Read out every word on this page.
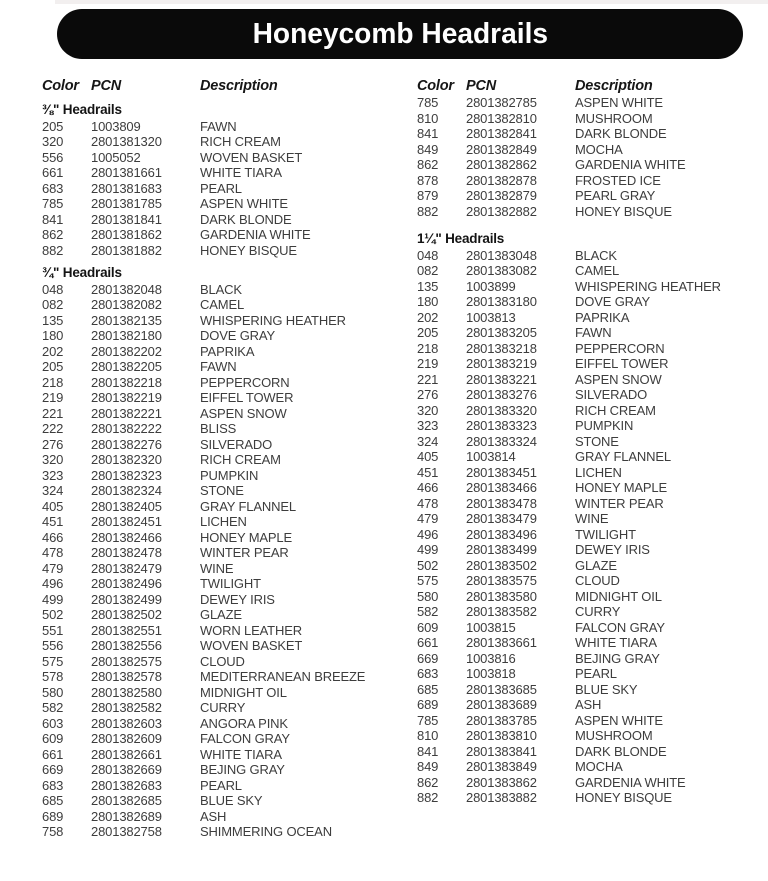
Honeycomb Headrails
Color PCN	Description	Color PCN	Description
⅜" Headrails
205	1003809	FAWN
320	2801381320	RICH CREAM
556	1005052	WOVEN BASKET
661	2801381661	WHITE TIARA
683	2801381683	PEARL
785	2801381785	ASPEN WHITE
841	2801381841	DARK BLONDE
862	2801381862	GARDENIA WHITE
882	2801381882	HONEY BISQUE
¾" Headrails
048	2801382048	BLACK
082	2801382082	CAMEL
135	2801382135	WHISPERING HEATHER
180	2801382180	DOVE GRAY
202	2801382202	PAPRIKA
205	2801382205	FAWN
218	2801382218	PEPPERCORN
219	2801382219	EIFFEL TOWER
221	2801382221	ASPEN SNOW
222	2801382222	BLISS
276	2801382276	SILVERADO
320	2801382320	RICH CREAM
323	2801382323	PUMPKIN
324	2801382324	STONE
405	2801382405	GRAY FLANNEL
451	2801382451	LICHEN
466	2801382466	HONEY MAPLE
478	2801382478	WINTER PEAR
479	2801382479	WINE
496	2801382496	TWILIGHT
499	2801382499	DEWEY IRIS
502	2801382502	GLAZE
551	2801382551	WORN LEATHER
556	2801382556	WOVEN BASKET
575	2801382575	CLOUD
578	2801382578	MEDITERRANEAN BREEZE
580	2801382580	MIDNIGHT OIL
582	2801382582	CURRY
603	2801382603	ANGORA PINK
609	2801382609	FALCON GRAY
661	2801382661	WHITE TIARA
669	2801382669	BEJING GRAY
683	2801382683	PEARL
685	2801382685	BLUE SKY
689	2801382689	ASH
758	2801382758	SHIMMERING OCEAN
785	2801382785	ASPEN WHITE
810	2801382810	MUSHROOM
841	2801382841	DARK BLONDE
849	2801382849	MOCHA
862	2801382862	GARDENIA WHITE
878	2801382878	FROSTED ICE
879	2801382879	PEARL GRAY
882	2801382882	HONEY BISQUE
1¼" Headrails
048	2801383048	BLACK
082	2801383082	CAMEL
135	1003899	WHISPERING HEATHER
180	2801383180	DOVE GRAY
202	1003813	PAPRIKA
205	2801383205	FAWN
218	2801383218	PEPPERCORN
219	2801383219	EIFFEL TOWER
221	2801383221	ASPEN SNOW
276	2801383276	SILVERADO
320	2801383320	RICH CREAM
323	2801383323	PUMPKIN
324	2801383324	STONE
405	1003814	GRAY FLANNEL
451	2801383451	LICHEN
466	2801383466	HONEY MAPLE
478	2801383478	WINTER PEAR
479	2801383479	WINE
496	2801383496	TWILIGHT
499	2801383499	DEWEY IRIS
502	2801383502	GLAZE
575	2801383575	CLOUD
580	2801383580	MIDNIGHT OIL
582	2801383582	CURRY
609	1003815	FALCON GRAY
661	2801383661	WHITE TIARA
669	1003816	BEJING GRAY
683	1003818	PEARL
685	2801383685	BLUE SKY
689	2801383689	ASH
785	2801383785	ASPEN WHITE
810	2801383810	MUSHROOM
841	2801383841	DARK BLONDE
849	2801383849	MOCHA
862	2801383862	GARDENIA WHITE
882	2801383882	HONEY BISQUE
